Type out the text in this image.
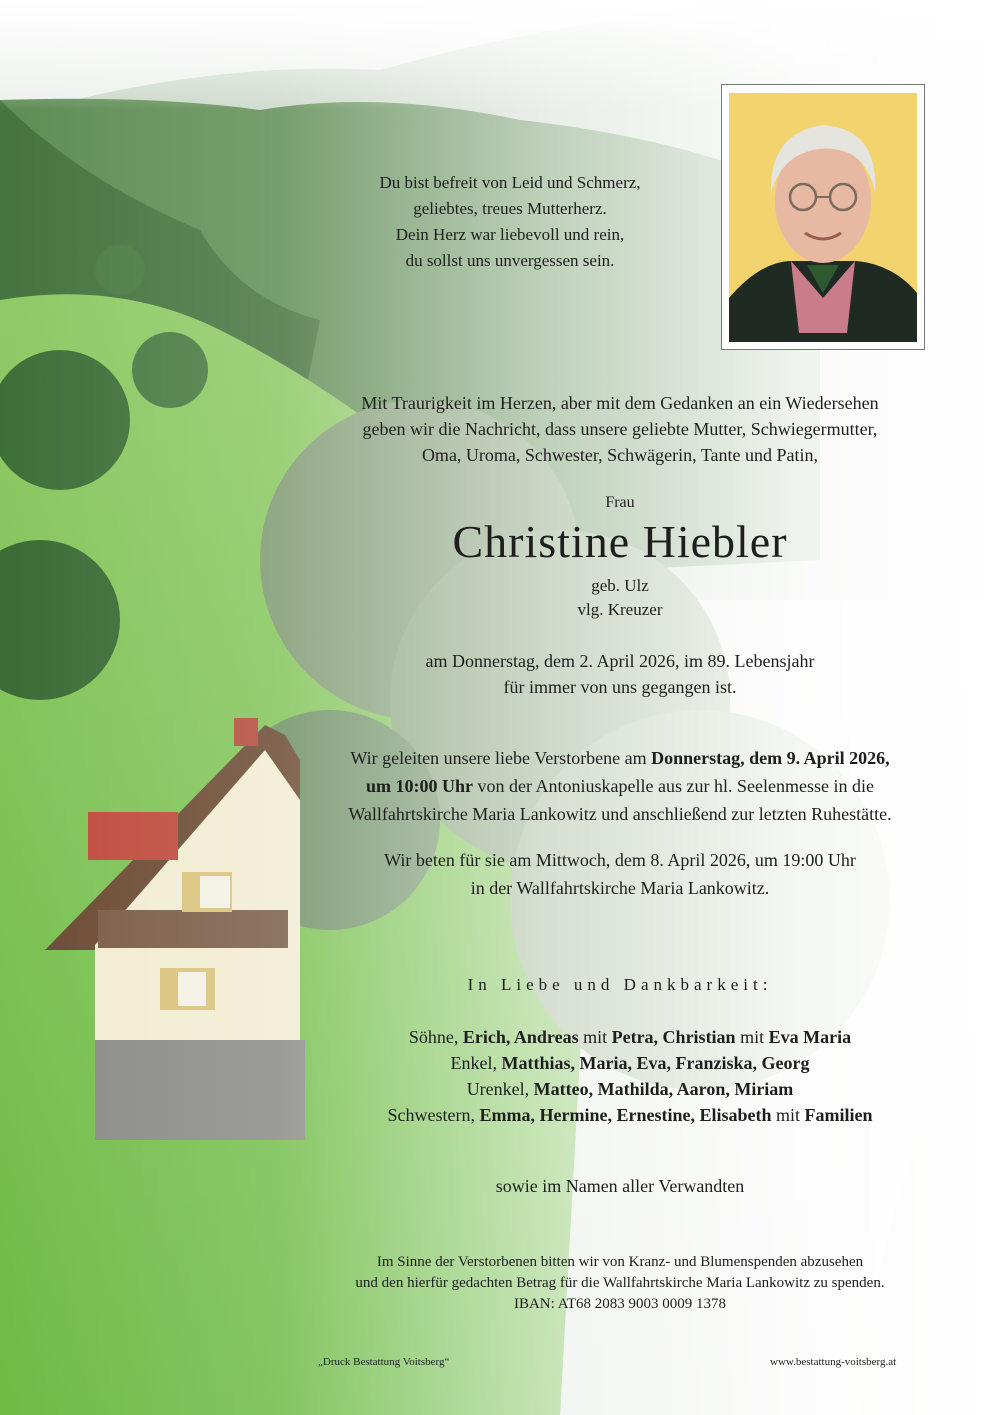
Du bist befreit von Leid und Schmerz,
geliebtes, treues Mutterherz.
Dein Herz war liebevoll und rein,
du sollst uns unvergessen sein.
Mit Traurigkeit im Herzen, aber mit dem Gedanken an ein Wiedersehen
geben wir die Nachricht, dass unsere geliebte Mutter, Schwiegermutter,
Oma, Uroma, Schwester, Schwägerin, Tante und Patin,
Frau
Christine Hiebler
geb. Ulz
vlg. Kreuzer
am Donnerstag, dem 2. April 2026, im 89. Lebensjahr
für immer von uns gegangen ist.
Wir geleiten unsere liebe Verstorbene am Donnerstag, dem 9. April 2026,
um 10:00 Uhr von der Antoniuskapelle aus zur hl. Seelenmesse in die
Wallfahrtskirche Maria Lankowitz und anschließend zur letzten Ruhestätte.
Wir beten für sie am Mittwoch, dem 8. April 2026, um 19:00 Uhr
in der Wallfahrtskirche Maria Lankowitz.
In Liebe und Dankbarkeit:
Söhne, Erich, Andreas mit Petra, Christian mit Eva Maria
Enkel, Matthias, Maria, Eva, Franziska, Georg
Urenkel, Matteo, Mathilda, Aaron, Miriam
Schwestern, Emma, Hermine, Ernestine, Elisabeth mit Familien
sowie im Namen aller Verwandten
Im Sinne der Verstorbenen bitten wir von Kranz- und Blumenspenden abzusehen
und den hierfür gedachten Betrag für die Wallfahrtskirche Maria Lankowitz zu spenden.
IBAN: AT68 2083 9003 0009 1378
„Druck Bestattung Voitsberg“	www.bestattung-voitsberg.at
